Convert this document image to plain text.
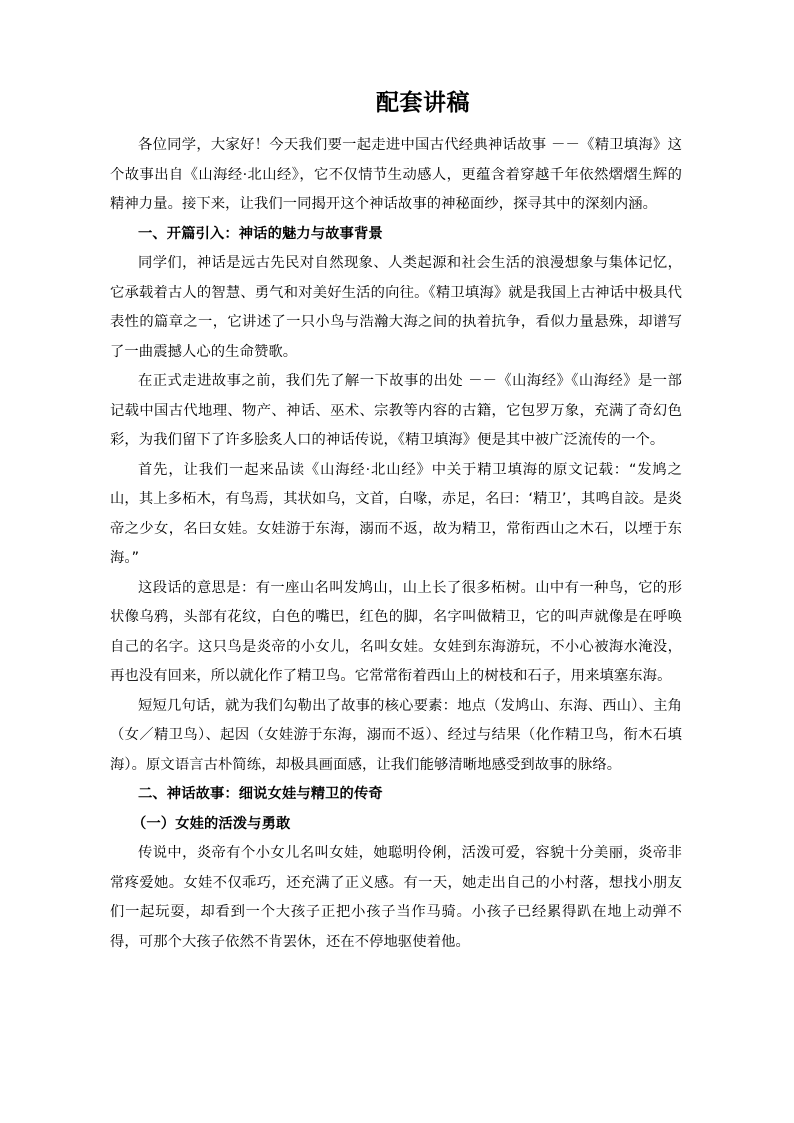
配套讲稿

各位同学，大家好！今天我们要一起走进中国古代经典神话故事 －－《精卫填海》这个故事出自《山海经·北山经》，它不仅情节生动感人，更蕴含着穿越千年依然熠熠生辉的精神力量。接下来，让我们一同揭开这个神话故事的神秘面纱，探寻其中的深刻内涵。

一、开篇引入：神话的魅力与故事背景

同学们，神话是远古先民对自然现象、人类起源和社会生活的浪漫想象与集体记忆，它承载着古人的智慧、勇气和对美好生活的向往。《精卫填海》就是我国上古神话中极具代表性的篇章之一，它讲述了一只小鸟与浩瀚大海之间的执着抗争，看似力量悬殊，却谱写了一曲震撼人心的生命赞歌。

在正式走进故事之前，我们先了解一下故事的出处 －－《山海经》《山海经》是一部记载中国古代地理、物产、神话、巫术、宗教等内容的古籍，它包罗万象，充满了奇幻色彩，为我们留下了许多脍炙人口的神话传说，《精卫填海》便是其中被广泛流传的一个。

首先，让我们一起来品读《山海经·北山经》中关于精卫填海的原文记载：“发鸠之山，其上多柘木，有鸟焉，其状如乌，文首，白喙，赤足，名曰：‘精卫’，其鸣自詨。是炎帝之少女，名曰女娃。女娃游于东海，溺而不返，故为精卫，常衔西山之木石，以堙于东海。”

这段话的意思是：有一座山名叫发鸠山，山上长了很多柘树。山中有一种鸟，它的形状像乌鸦，头部有花纹，白色的嘴巴，红色的脚，名字叫做精卫，它的叫声就像是在呼唤自己的名字。这只鸟是炎帝的小女儿，名叫女娃。女娃到东海游玩，不小心被海水淹没，再也没有回来，所以就化作了精卫鸟。它常常衔着西山上的树枝和石子，用来填塞东海。

短短几句话，就为我们勾勒出了故事的核心要素：地点（发鸠山、东海、西山）、主角（女／精卫鸟）、起因（女娃游于东海，溺而不返）、经过与结果（化作精卫鸟，衔木石填海）。原文语言古朴简练，却极具画面感，让我们能够清晰地感受到故事的脉络。

二、神话故事：细说女娃与精卫的传奇

（一）女娃的活泼与勇敢

传说中，炎帝有个小女儿名叫女娃，她聪明伶俐，活泼可爱，容貌十分美丽，炎帝非常疼爱她。女娃不仅乖巧，还充满了正义感。有一天，她走出自己的小村落，想找小朋友们一起玩耍，却看到一个大孩子正把小孩子当作马骑。小孩子已经累得趴在地上动弹不得，可那个大孩子依然不肯罢休，还在不停地驱使着他。
